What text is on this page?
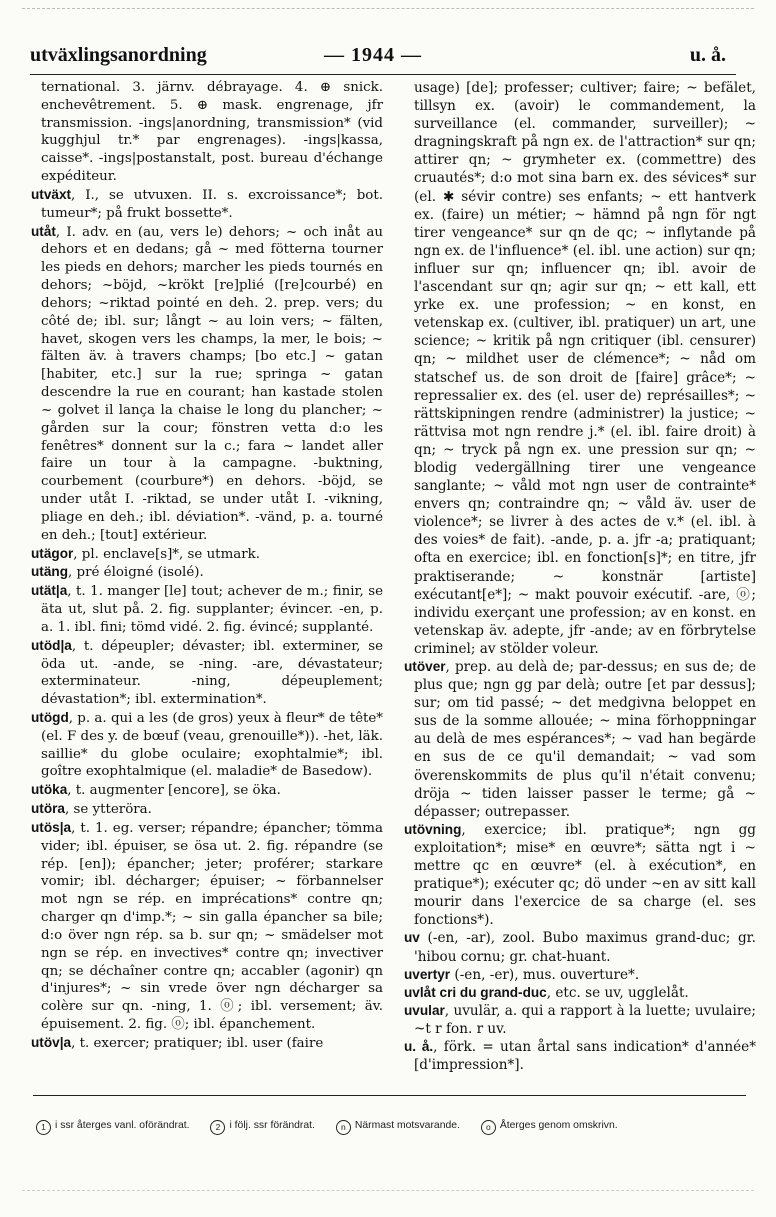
utväxlingsanordning	— 1944 —	u. å.

ternational. 3. järnv. débrayage. 4. ⊕ snick. enchevêtrement. 5. ⊕ mask. engrenage, jfr transmission. -ings|anordning, transmission* (vid kugghjul tr.* par engrenages). -ings|kassa, caisse*. -ings|postanstalt, post. bureau d'échange expéditeur.

utväxt, I., se utvuxen. II. s. excroissance*; bot. tumeur*; på frukt bossette*.

utåt, I. adv. en (au, vers le) dehors; ~ och inåt au dehors et en dedans; gå ~ med fötterna tourner les pieds en dehors; marcher les pieds tournés en dehors; ~böjd, ~krökt [re]plié ([re]courbé) en dehors; ~riktad pointé en deh. 2. prep. vers; du côté de; ibl. sur; långt ~ au loin vers; ~ fälten, havet, skogen vers les champs, la mer, le bois; ~ fälten äv. à travers champs; [bo etc.] ~ gatan [habiter, etc.] sur la rue; springa ~ gatan descendre la rue en courant; han kastade stolen ~ golvet il lança la chaise le long du plancher; ~ gården sur la cour; fönstren vetta d:o les fenêtres* donnent sur la c.; fara ~ landet aller faire un tour à la campagne. -buktning, courbement (courbure*) en dehors. -böjd, se under utåt I. -riktad, se under utåt I. -vikning, pliage en deh.; ibl. déviation*. -vänd, p. a. tourné en deh.; [tout] extérieur.

utägor, pl. enclave[s]*, se utmark.

utäng, pré éloigné (isolé).

utät|a, t. 1. manger [le] tout; achever de m.; finir, se äta ut, slut på. 2. fig. supplanter; évincer. -en, p. a. 1. ibl. fini; tömd vidé. 2. fig. évincé; supplanté.

utöd|a, t. dépeupler; dévaster; ibl. exterminer, se öda ut. -ande, se -ning. -are, dévastateur; exterminateur. -ning, dépeuplement; dévastation*; ibl. extermination*.

utögd, p. a. qui a les (de gros) yeux à fleur* de tête* (el. F des y. de bœuf (veau, grenouille*)). -het, läk. saillie* du globe oculaire; exophtalmie*; ibl. goître exophtalmique (el. maladie* de Basedow).

utöka, t. augmenter [encore], se öka.

utöra, se ytteröra.

utös|a, t. 1. eg. verser; répandre; épancher; tömma vider; ibl. épuiser, se ösa ut. 2. fig. répandre (se rép. [en]); épancher; jeter; proférer; starkare vomir; ibl. décharger; épuiser; ~ förbannelser mot ngn se rép. en imprécations* contre qn; charger qn d'imp.*; ~ sin galla épancher sa bile; d:o över ngn rép. sa b. sur qn; ~ smädelser mot ngn se rép. en invectives* contre qn; invectiver qn; se déchaîner contre qn; accabler (agonir) qn d'injures*; ~ sin vrede över ngn décharger sa colère sur qn. -ning, 1. ⓞ; ibl. versement; äv. épuisement. 2. fig. ⓞ; ibl. épanchement.

utöv|a, t. exercer; pratiquer; ibl. user (faire

usage) [de]; professer; cultiver; faire; ~ befälet, tillsyn ex. (avoir) le commandement, la surveillance (el. commander, surveiller); ~ dragningskraft på ngn ex. de l'attraction* sur qn; attirer qn; ~ grymheter ex. (commettre) des cruautés*; d:o mot sina barn ex. des sévices* sur (el. ✱ sévir contre) ses enfants; ~ ett hantverk ex. (faire) un métier; ~ hämnd på ngn för ngt tirer vengeance* sur qn de qc; ~ inflytande på ngn ex. de l'influence* (el. ibl. une action) sur qn; influer sur qn; influencer qn; ibl. avoir de l'ascendant sur qn; agir sur qn; ~ ett kall, ett yrke ex. une profession; ~ en konst, en vetenskap ex. (cultiver, ibl. pratiquer) un art, une science; ~ kritik på ngn critiquer (ibl. censurer) qn; ~ mildhet user de clémence*; ~ nåd om statschef us. de son droit de [faire] grâce*; ~ repressalier ex. des (el. user de) représailles*; ~ rättskipningen rendre (administrer) la justice; ~ rättvisa mot ngn rendre j.* (el. ibl. faire droit) à qn; ~ tryck på ngn ex. une pression sur qn; ~ blodig vedergällning tirer une vengeance sanglante; ~ våld mot ngn user de contrainte* envers qn; contraindre qn; ~ våld äv. user de violence*; se livrer à des actes de v.* (el. ibl. à des voies* de fait). -ande, p. a. jfr -a; pratiquant; ofta en exercice; ibl. en fonction[s]*; en titre, jfr praktiserande; ~ konstnär [artiste] exécutant[e*]; ~ makt pouvoir exécutif. -are, ⓞ; individu exerçant une profession; av en konst. en vetenskap äv. adepte, jfr -ande; av en förbrytelse criminel; av stölder voleur.

utöver, prep. au delà de; par-dessus; en sus de; de plus que; ngn gg par delà; outre [et par dessus]; sur; om tid passé; ~ det medgivna beloppet en sus de la somme allouée; ~ mina förhoppningar au delà de mes espérances*; ~ vad han begärde en sus de ce qu'il demandait; ~ vad som överenskommits de plus qu'il n'était convenu; dröja ~ tiden laisser passer le terme; gå ~ dépasser; outrepasser.

utövning, exercice; ibl. pratique*; ngn gg exploitation*; mise* en œuvre*; sätta ngt i ~ mettre qc en œuvre* (el. à exécution*, en pratique*); exécuter qc; dö under ~en av sitt kall mourir dans l'exercice de sa charge (el. ses fonctions*).

uv (-en, -ar), zool. Bubo maximus grand-duc; gr. 'hibou cornu; gr. chat-huant.

uvertyr (-en, -er), mus. ouverture*.

uvlåt cri du grand-duc, etc. se uv, ugglelåt.

uvular, uvulär, a. qui a rapport à la luette; uvulaire; ~t r fon. r uv.

u. å., förk. = utan årtal sans indication* d'année* [d'impression*].

1 i ssr återges vanl. oförändrat.	2 i följ. ssr förändrat.	n Närmast motsvarande.	o Återges genom omskrivn.
